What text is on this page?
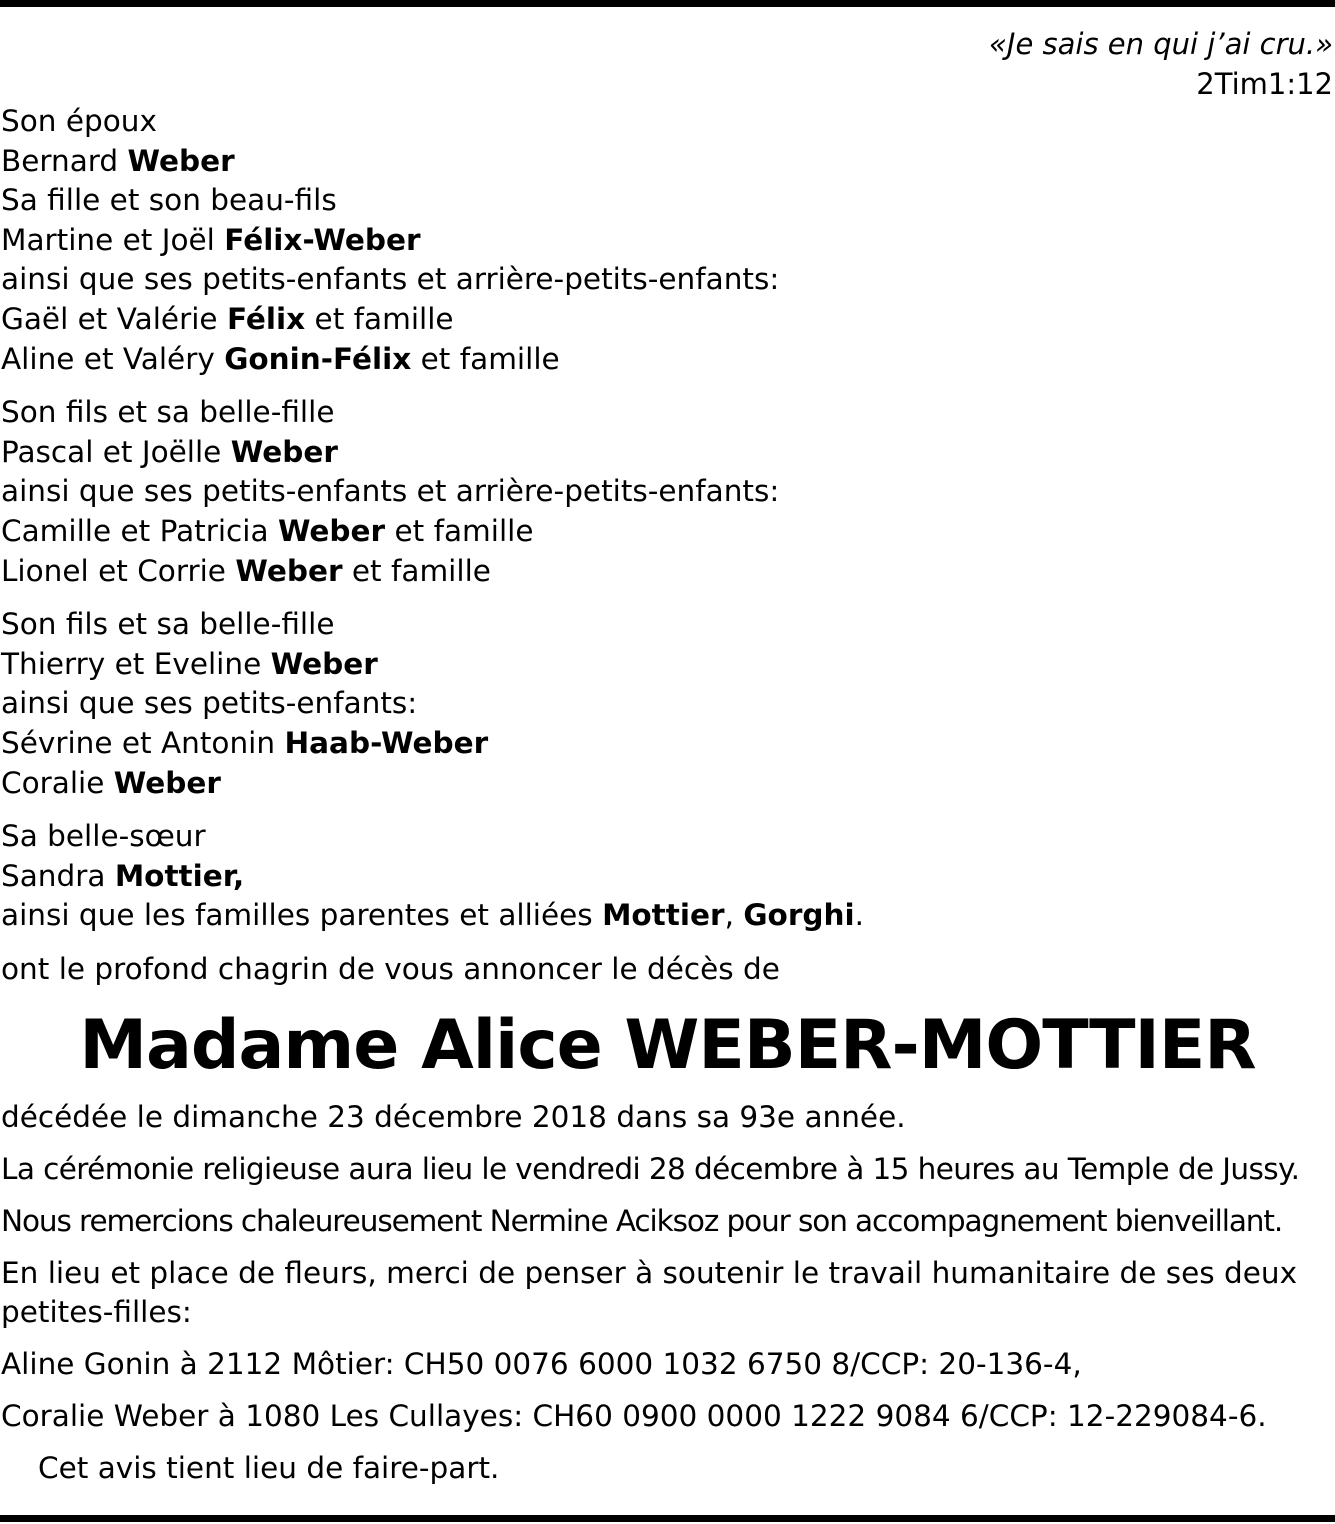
«Je sais en qui j’ai cru.»
2Tim1:12
Son époux
Bernard Weber
Sa fille et son beau-fils
Martine et Joël Félix-Weber
ainsi que ses petits-enfants et arrière-petits-enfants:
Gaël et Valérie Félix et famille
Aline et Valéry Gonin-Félix et famille
Son fils et sa belle-fille
Pascal et Joëlle Weber
ainsi que ses petits-enfants et arrière-petits-enfants:
Camille et Patricia Weber et famille
Lionel et Corrie Weber et famille
Son fils et sa belle-fille
Thierry et Eveline Weber
ainsi que ses petits-enfants:
Sévrine et Antonin Haab-Weber
Coralie Weber
Sa belle-sœur
Sandra Mottier,
ainsi que les familles parentes et alliées Mottier, Gorghi.
ont le profond chagrin de vous annoncer le décès de
Madame Alice WEBER-MOTTIER
décédée le dimanche 23 décembre 2018 dans sa 93e année.
La cérémonie religieuse aura lieu le vendredi 28 décembre à 15 heures au Temple de Jussy.
Nous remercions chaleureusement Nermine Aciksoz pour son accompagnement bienveillant.
En lieu et place de fleurs, merci de penser à soutenir le travail humanitaire de ses deux
petites-filles:
Aline Gonin à 2112 Môtier: CH50 0076 6000 1032 6750 8/CCP: 20-136-4,
Coralie Weber à 1080 Les Cullayes: CH60 0900 0000 1222 9084 6/CCP: 12-229084-6.
Cet avis tient lieu de faire-part.
